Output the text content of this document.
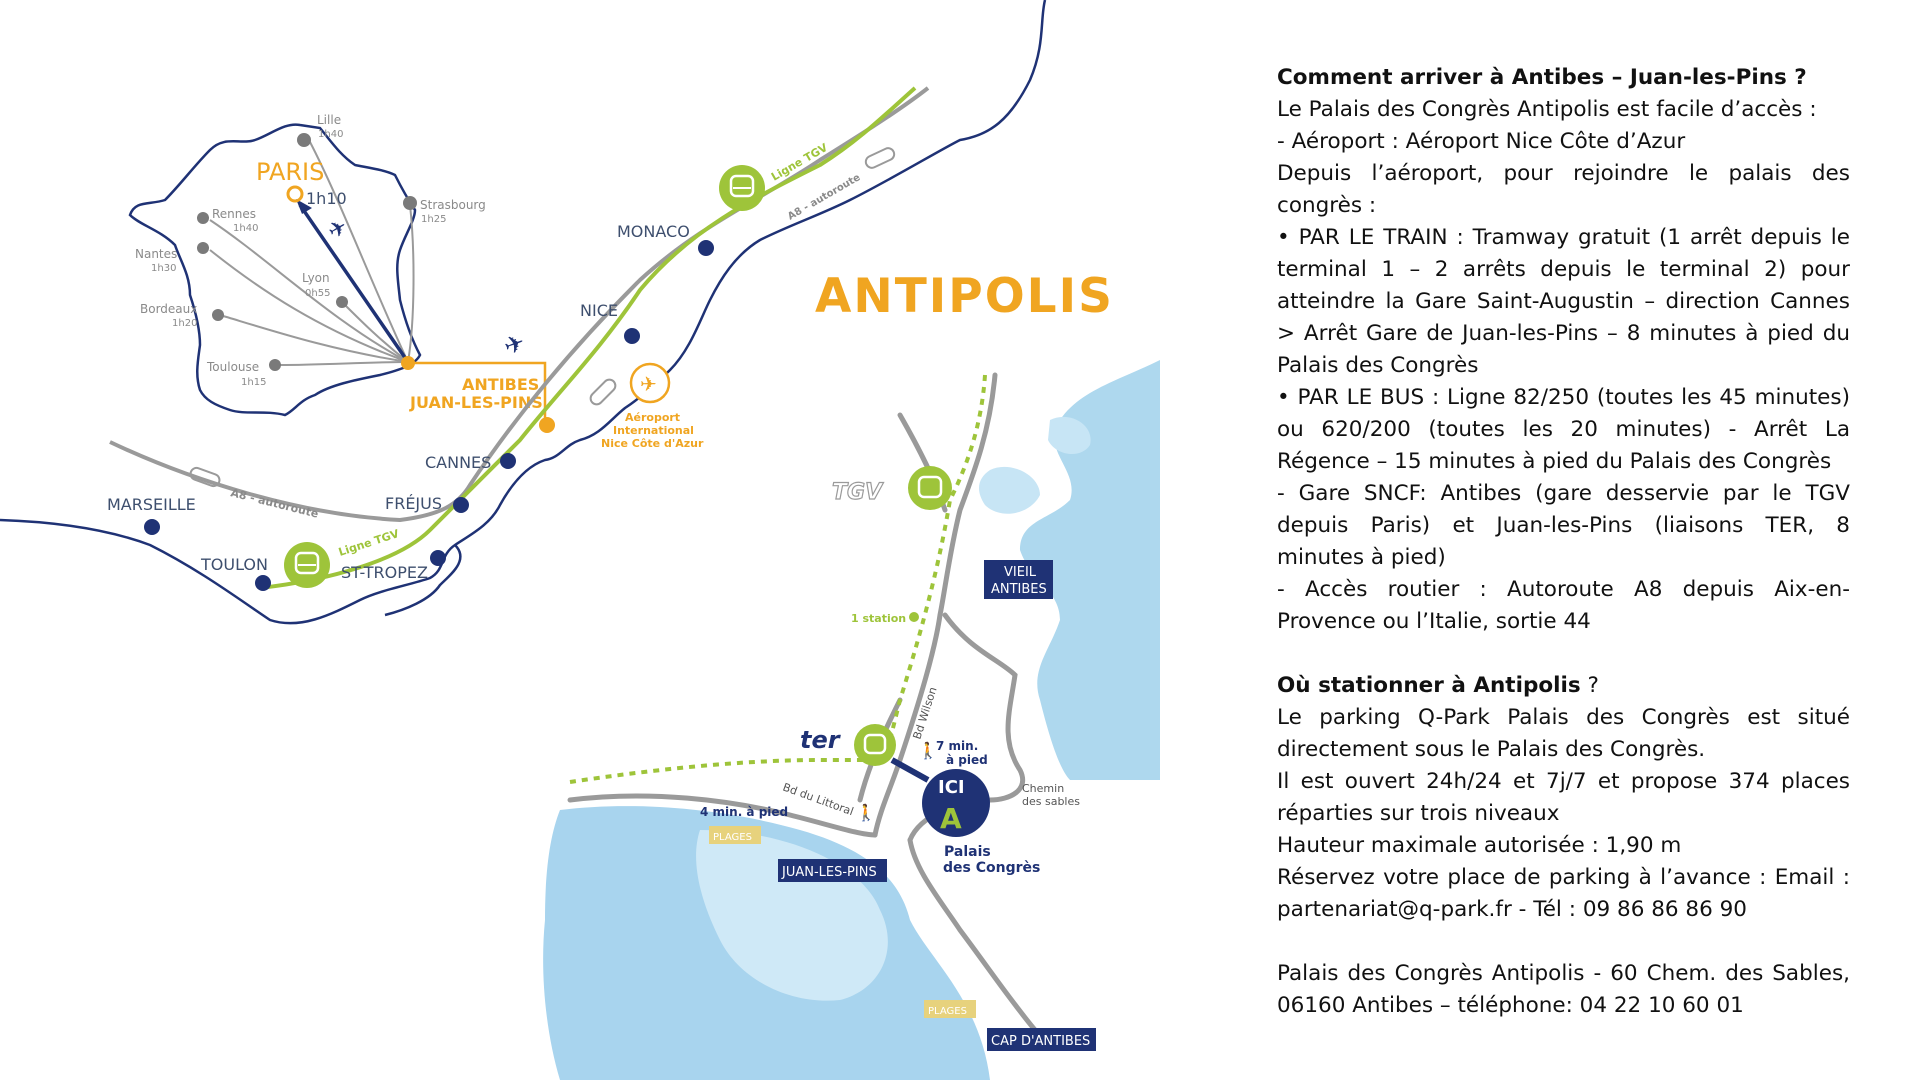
PARIS
1h10
Lille
1h40
Strasbourg
1h25
Rennes
1h40
Nantes
1h30
Lyon
0h55
Bordeaux
1h20
Toulouse
1h15	ANTIBES
JUAN-LES-PINS
✈
✈
✈
MONACO
NICE
CANNES
FRÉJUS
MARSEILLE
TOULON	ST-TROPEZ
Ligne TGV
Ligne TGV
A8 - autoroute
A8 - autoroute
Aéroport
International
Nice Côte d'Azur
ANTIPOLIS
TGV
ter
1 station
VIEIL
ANTIBES
Bd Wilson
Bd du Littoral	Chemin
des sables
7 min.
à pied
🚶
4 min. à pied	🚶
ICI
A
Palais
des Congrès
PLAGES
JUAN-LES-PINS
PLAGES
CAP D'ANTIBES

Comment arriver à Antibes – Juan-les-Pins ?

Le Palais des Congrès Antipolis est facile d’accès :

- Aéroport : Aéroport Nice Côte d’Azur

Depuis l’aéroport, pour rejoindre le palais des congrès :

• PAR LE TRAIN : Tramway gratuit (1 arrêt depuis le terminal 1 – 2 arrêts depuis le terminal 2) pour atteindre la Gare Saint-Augustin – direction Cannes > Arrêt Gare de Juan-les-Pins – 8 minutes à pied du Palais des Congrès

• PAR LE BUS : Ligne 82/250 (toutes les 45 minutes) ou 620/200 (toutes les 20 minutes) - Arrêt La Régence – 15 minutes à pied du Palais des Congrès

- Gare SNCF: Antibes (gare desservie par le TGV depuis Paris) et Juan-les-Pins (liaisons TER, 8 minutes à pied)

- Accès routier : Autoroute A8 depuis Aix-en-Provence ou l’Italie, sortie 44

Où stationner à Antipolis ?

Le parking Q-Park Palais des Congrès est situé directement sous le Palais des Congrès.

Il est ouvert 24h/24 et 7j/7 et propose 374 places réparties sur trois niveaux

Hauteur maximale autorisée : 1,90 m

Réservez votre place de parking à l’avance : Email : partenariat@q-park.fr - Tél : 09 86 86 86 90

Palais des Congrès Antipolis - 60 Chem. des Sables, 06160 Antibes – téléphone: 04 22 10 60 01
